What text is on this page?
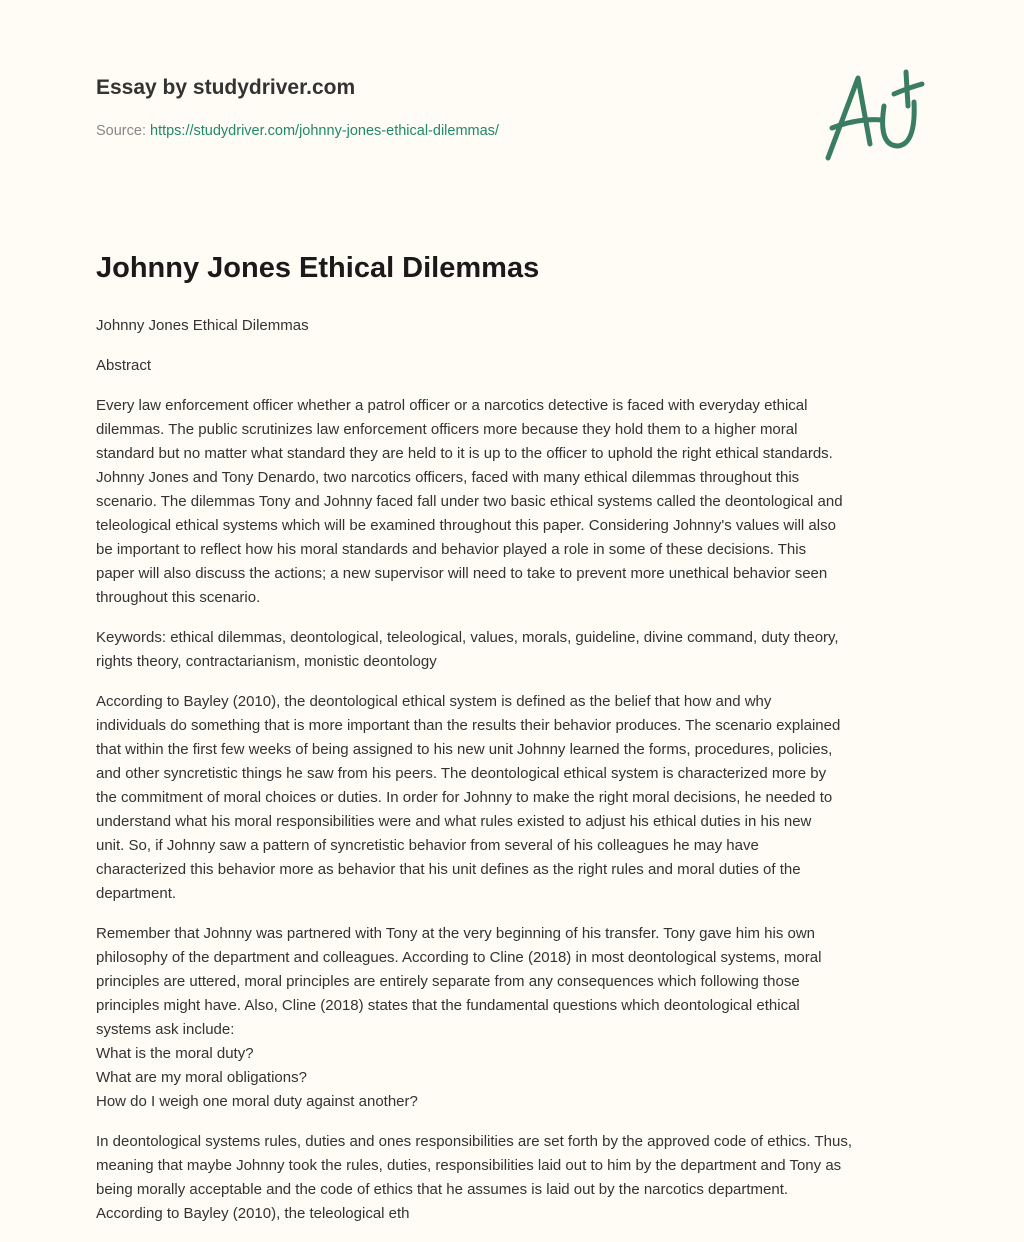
Essay by studydriver.com
Source: https://studydriver.com/johnny-jones-ethical-dilemmas/
Johnny Jones Ethical Dilemmas
Johnny Jones Ethical Dilemmas
Abstract
Every law enforcement officer whether a patrol officer or a narcotics detective is faced with everyday ethical
dilemmas. The public scrutinizes law enforcement officers more because they hold them to a higher moral
standard but no matter what standard they are held to it is up to the officer to uphold the right ethical standards.
Johnny Jones and Tony Denardo, two narcotics officers, faced with many ethical dilemmas throughout this
scenario. The dilemmas Tony and Johnny faced fall under two basic ethical systems called the deontological and
teleological ethical systems which will be examined throughout this paper. Considering Johnny's values will also
be important to reflect how his moral standards and behavior played a role in some of these decisions. This
paper will also discuss the actions; a new supervisor will need to take to prevent more unethical behavior seen
throughout this scenario.
Keywords: ethical dilemmas, deontological, teleological, values, morals, guideline, divine command, duty theory,
rights theory, contractarianism, monistic deontology
According to Bayley (2010), the deontological ethical system is defined as the belief that how and why
individuals do something that is more important than the results their behavior produces. The scenario explained
that within the first few weeks of being assigned to his new unit Johnny learned the forms, procedures, policies,
and other syncretistic things he saw from his peers. The deontological ethical system is characterized more by
the commitment of moral choices or duties. In order for Johnny to make the right moral decisions, he needed to
understand what his moral responsibilities were and what rules existed to adjust his ethical duties in his new
unit. So, if Johnny saw a pattern of syncretistic behavior from several of his colleagues he may have
characterized this behavior more as behavior that his unit defines as the right rules and moral duties of the
department.
Remember that Johnny was partnered with Tony at the very beginning of his transfer. Tony gave him his own
philosophy of the department and colleagues. According to Cline (2018) in most deontological systems, moral
principles are uttered, moral principles are entirely separate from any consequences which following those
principles might have. Also, Cline (2018) states that the fundamental questions which deontological ethical
systems ask include:
What is the moral duty?
What are my moral obligations?
How do I weigh one moral duty against another?
In deontological systems rules, duties and ones responsibilities are set forth by the approved code of ethics. Thus,
meaning that maybe Johnny took the rules, duties, responsibilities laid out to him by the department and Tony as
being morally acceptable and the code of ethics that he assumes is laid out by the narcotics department.
According to Bayley (2010), the teleological eth
